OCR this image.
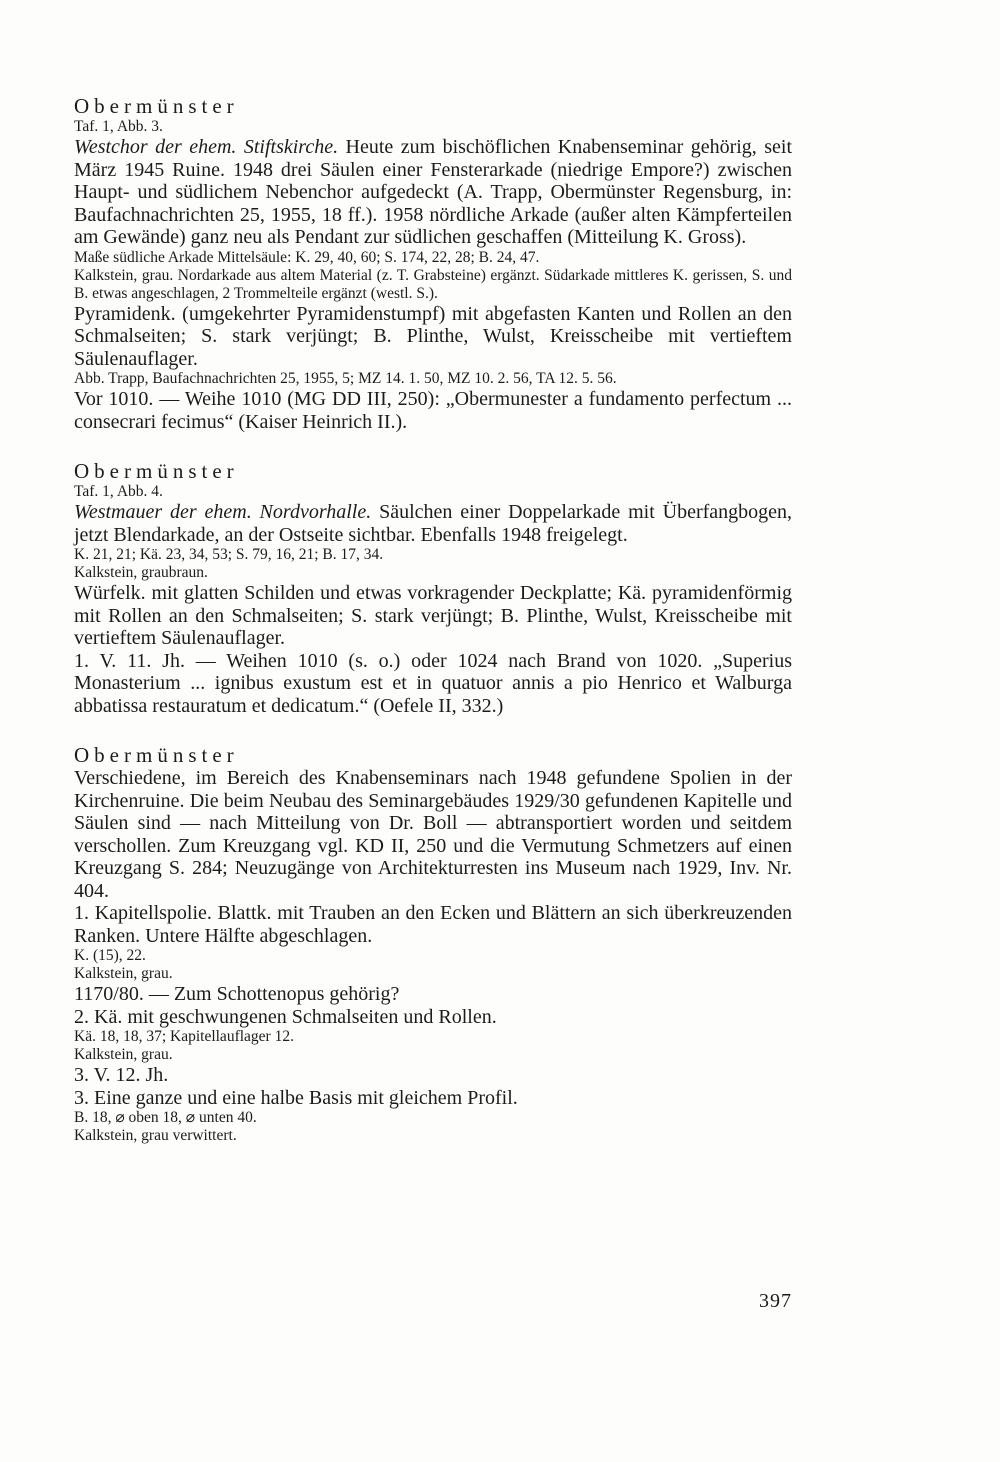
Obermünster

Taf. 1, Abb. 3.

Westchor der ehem. Stiftskirche. Heute zum bischöflichen Knabenseminar gehörig, seit März 1945 Ruine. 1948 drei Säulen einer Fensterarkade (niedrige Empore?) zwischen Haupt- und südlichem Nebenchor aufgedeckt (A. Trapp, Obermünster Regensburg, in: Baufachnachrichten 25, 1955, 18 ff.). 1958 nördliche Arkade (außer alten Kämpferteilen am Gewände) ganz neu als Pendant zur südlichen geschaffen (Mitteilung K. Gross).

Maße südliche Arkade Mittelsäule: K. 29, 40, 60; S. 174, 22, 28; B. 24, 47.

Kalkstein, grau. Nordarkade aus altem Material (z. T. Grabsteine) ergänzt. Südarkade mittleres K. gerissen, S. und B. etwas angeschlagen, 2 Trommelteile ergänzt (westl. S.).

Pyramidenk. (umgekehrter Pyramidenstumpf) mit abgefasten Kanten und Rollen an den Schmalseiten; S. stark verjüngt; B. Plinthe, Wulst, Kreisscheibe mit vertieftem Säulenauflager.

Abb. Trapp, Baufachnachrichten 25, 1955, 5; MZ 14. 1. 50, MZ 10. 2. 56, TA 12. 5. 56.

Vor 1010. — Weihe 1010 (MG DD III, 250): „Obermunester a fundamento perfectum ... consecrari fecimus“ (Kaiser Heinrich II.).

Obermünster

Taf. 1, Abb. 4.

Westmauer der ehem. Nordvorhalle. Säulchen einer Doppelarkade mit Überfangbogen, jetzt Blendarkade, an der Ostseite sichtbar. Ebenfalls 1948 freigelegt.

K. 21, 21; Kä. 23, 34, 53; S. 79, 16, 21; B. 17, 34.

Kalkstein, graubraun.

Würfelk. mit glatten Schilden und etwas vorkragender Deckplatte; Kä. pyramidenförmig mit Rollen an den Schmalseiten; S. stark verjüngt; B. Plinthe, Wulst, Kreisscheibe mit vertieftem Säulenauflager.

1. V. 11. Jh. — Weihen 1010 (s. o.) oder 1024 nach Brand von 1020. „Superius Monasterium ... ignibus exustum est et in quatuor annis a pio Henrico et Walburga abbatissa restauratum et dedicatum.“ (Oefele II, 332.)

Obermünster

Verschiedene, im Bereich des Knabenseminars nach 1948 gefundene Spolien in der Kirchenruine. Die beim Neubau des Seminargebäudes 1929/30 gefundenen Kapitelle und Säulen sind — nach Mitteilung von Dr. Boll — abtransportiert worden und seitdem verschollen. Zum Kreuzgang vgl. KD II, 250 und die Vermutung Schmetzers auf einen Kreuzgang S. 284; Neuzugänge von Architekturresten ins Museum nach 1929, Inv. Nr. 404.

1. Kapitellspolie. Blattk. mit Trauben an den Ecken und Blättern an sich überkreuzenden Ranken. Untere Hälfte abgeschlagen.

K. (15), 22.

Kalkstein, grau.

1170/80. — Zum Schottenopus gehörig?

2. Kä. mit geschwungenen Schmalseiten und Rollen.

Kä. 18, 18, 37; Kapitellauflager 12.

Kalkstein, grau.

3. V. 12. Jh.

3. Eine ganze und eine halbe Basis mit gleichem Profil.

B. 18, ⌀ oben 18, ⌀ unten 40.

Kalkstein, grau verwittert.

397
